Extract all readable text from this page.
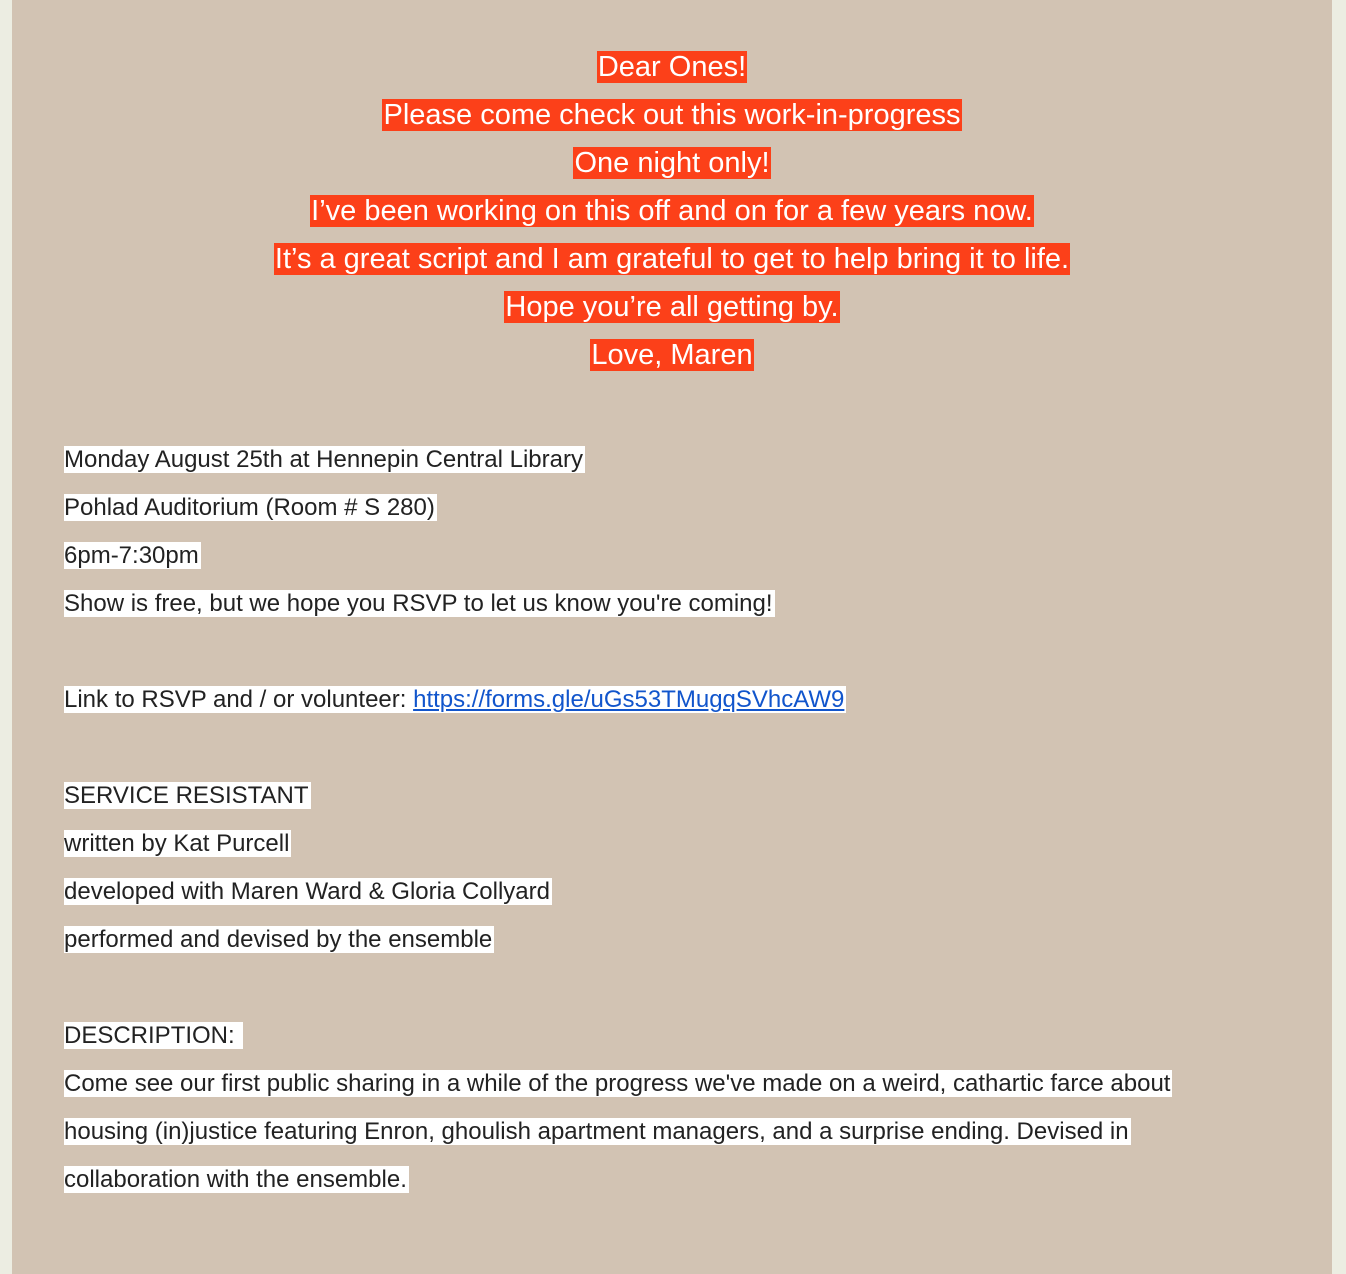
Dear Ones!
Please come check out this work-in-progress
One night only!
I’ve been working on this off and on for a few years now.
It’s a great script and I am grateful to get to help bring it to life.
Hope you’re all getting by.
Love, Maren
Monday August 25th at Hennepin Central Library
Pohlad Auditorium (Room # S 280)
6pm-7:30pm
Show is free, but we hope you RSVP to let us know you're coming!
Link to RSVP and / or volunteer: https://forms.gle/uGs53TMugqSVhcAW9
SERVICE RESISTANT
written by Kat Purcell
developed with Maren Ward & Gloria Collyard
performed and devised by the ensemble
DESCRIPTION:
Come see our first public sharing in a while of the progress we've made on a weird, cathartic farce about
housing (in)justice featuring Enron, ghoulish apartment managers, and a surprise ending. Devised in
collaboration with the ensemble.
